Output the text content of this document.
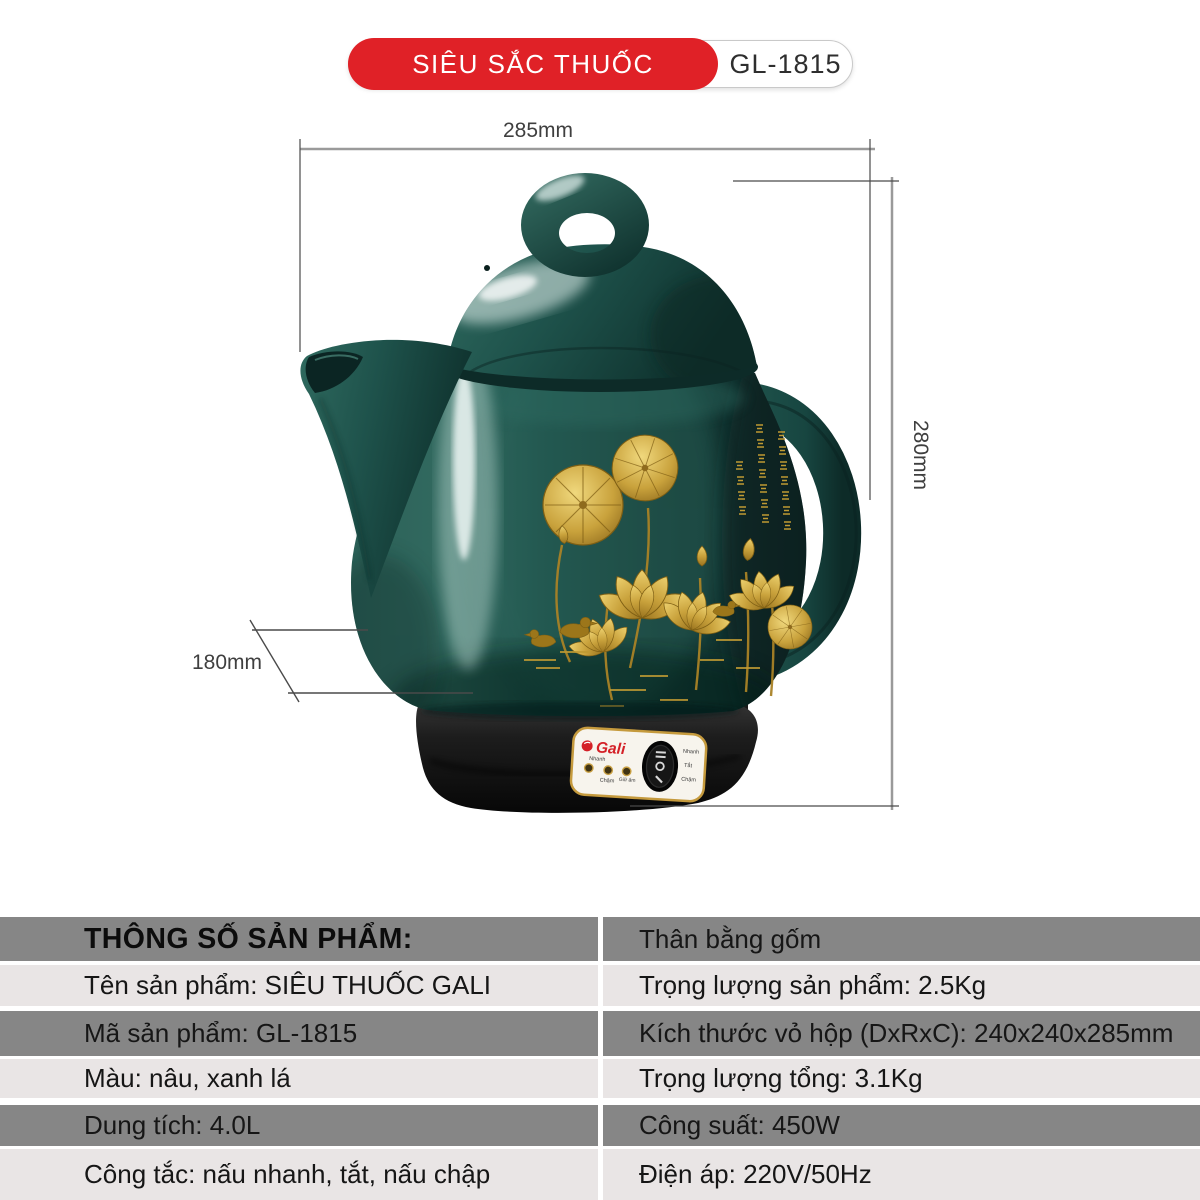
SIÊU SẮC THUỐC	GL-1815
Gali
Nhanh
Chậm Giữ ấm
Nhanh
Tắt
Chậm
285mm
280mm
180mm
THÔNG SỐ SẢN PHẨM:
Tên sản phẩm: SIÊU THUỐC GALI
Mã sản phẩm: GL-1815
Màu: nâu, xanh lá
Dung tích: 4.0L
Công tắc: nấu nhanh, tắt, nấu chập
Thân bằng gốm
Trọng lượng sản phẩm: 2.5Kg
Kích thước vỏ hộp (DxRxC): 240x240x285mm
Trọng lượng tổng: 3.1Kg
Công suất: 450W
Điện áp: 220V/50Hz
